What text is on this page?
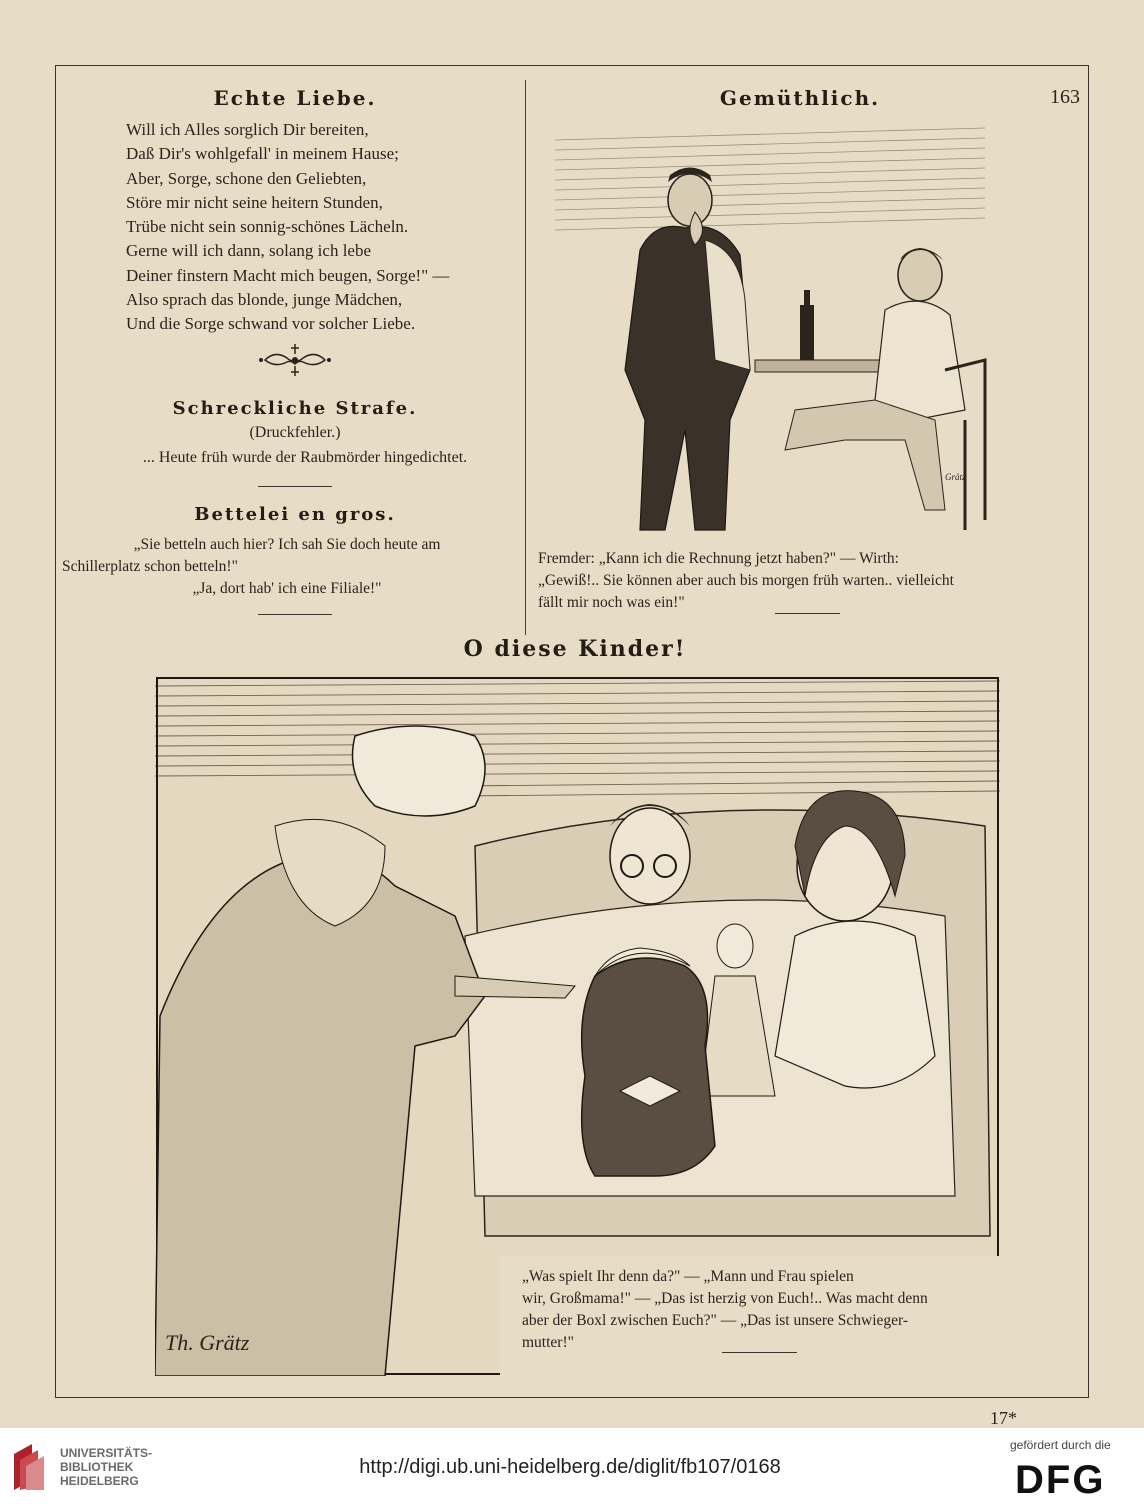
Echte Liebe.
Will ich Alles sorglich Dir bereiten,
Daß Dir's wohlgefall' in meinem Hause;
Aber, Sorge, schone den Geliebten,
Störe mir nicht seine heitern Stunden,
Trübe nicht sein sonnig-schönes Lächeln.
Gerne will ich dann, solang ich lebe
Deiner finstern Macht mich beugen, Sorge!" —
Also sprach das blonde, junge Mädchen,
Und die Sorge schwand vor solcher Liebe.
Schreckliche Strafe.
(Druckfehler.)
... Heute früh wurde der Raubmörder hingedichtet.
Bettelei en gros.
„Sie betteln auch hier? Ich sah Sie doch heute am
Schillerplatz schon betteln!"
„Ja, dort hab' ich eine Filiale!"
Gemüthlich.	163
Grätz
Fremder: „Kann ich die Rechnung jetzt haben?" — Wirth:
„Gewiß!.. Sie können aber auch bis morgen früh warten.. vielleicht
fällt mir noch was ein!"
O diese Kinder!
„Was spielt Ihr denn da?" — „Mann und Frau spielen
wir, Großmama!" — „Das ist herzig von Euch!.. Was macht denn
aber der Boxl zwischen Euch?" — „Das ist unsere Schwieger-
mutter!"
Th. Grätz
17*
UNIVERSITÄTS-
BIBLIOTHEK
HEIDELBERG
http://digi.ub.uni-heidelberg.de/diglit/fb107/0168
gefördert durch die
DFG
